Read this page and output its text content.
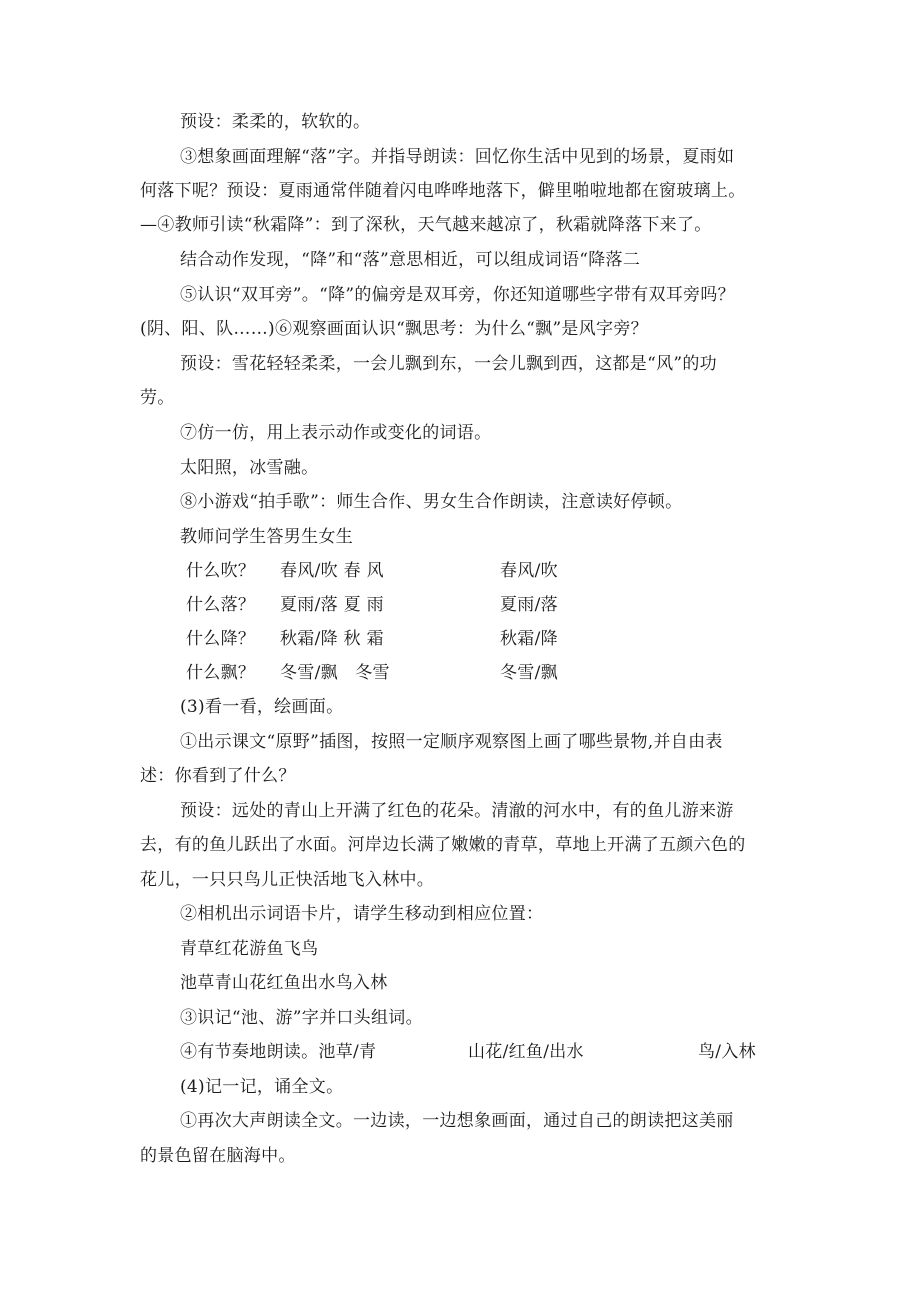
预设：柔柔的，软软的。
③想象画面理解“落”字。并指导朗读：回忆你生活中见到的场景，夏雨如
何落下呢？预设：夏雨通常伴随着闪电哗哗地落下，僻里啪啦地都在窗玻璃上。
—④教师引读“秋霜降”：到了深秋，天气越来越凉了，秋霜就降落下来了。
结合动作发现，“降”和“落”意思相近，可以组成词语“降落二
⑤认识“双耳旁”。“降”的偏旁是双耳旁，你还知道哪些字带有双耳旁吗？
(阴、阳、队……)⑥观察画面认识“飘思考：为什么“飘”是风字旁？
预设：雪花轻轻柔柔，一会儿飘到东，一会儿飘到西，这都是“风”的功
劳。
⑦仿一仿，用上表示动作或变化的词语。
太阳照，冰雪融。
⑧小游戏“拍手歌”：师生合作、男女生合作朗读，注意读好停顿。
教师问学生答男生女生
什么吹？ 春风/吹 春 风	春风/吹
什么落？ 夏雨/落 夏 雨	夏雨/落
什么降？ 秋霜/降 秋 霜	秋霜/降
什么飘？ 冬雪/飘　冬雪	冬雪/飘
(3)看一看，绘画面。
①出示课文“原野”插图，按照一定顺序观察图上画了哪些景物,并自由表
述：你看到了什么？
预设：远处的青山上开满了红色的花朵。清澈的河水中，有的鱼儿游来游
去，有的鱼儿跃出了水面。河岸边长满了嫩嫩的青草，草地上开满了五颜六色的
花儿，一只只鸟儿正快活地飞入林中。
②相机出示词语卡片，请学生移动到相应位置：
青草红花游鱼飞鸟
池草青山花红鱼出水鸟入林
③识记“池、游”字并口头组词。
④有节奏地朗读。池草/青	山花/红鱼/出水	鸟/入林
(4)记一记，诵全文。
①再次大声朗读全文。一边读，一边想象画面，通过自己的朗读把这美丽
的景色留在脑海中。
